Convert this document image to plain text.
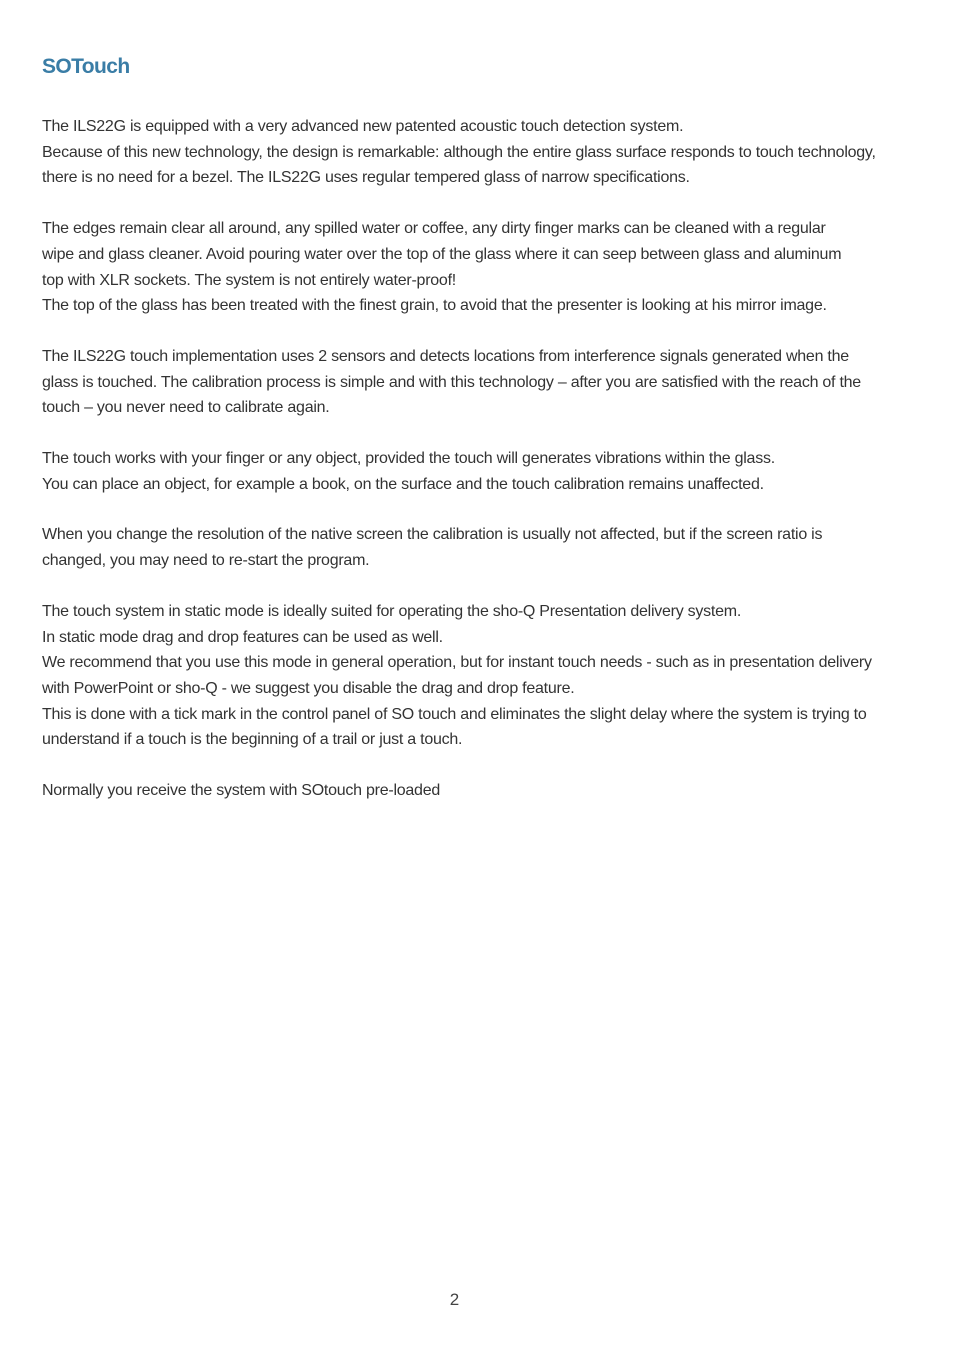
SOTouch
The ILS22G is equipped with a very advanced new patented acoustic touch detection system.
Because of this new technology, the design is remarkable: although the entire glass surface responds to touch technology,
there is no need for a bezel. The ILS22G uses regular tempered glass of narrow specifications.
The edges remain clear all around, any spilled water or coffee, any dirty finger marks can be cleaned with a regular
wipe and glass cleaner. Avoid pouring water over the top of the glass where it can seep between glass and aluminum
top with XLR sockets. The system is not entirely water-proof!
The top of the glass has been treated with the finest grain, to avoid that the presenter is looking at his mirror image.
The ILS22G touch implementation uses 2 sensors and detects locations from interference signals generated when the
glass is touched. The calibration process is simple and with this technology – after you are satisfied with the reach of the
touch – you never need to calibrate again.
The touch works with your finger or any object, provided the touch will generates vibrations within the glass.
You can place an object, for example a book, on the surface and the touch calibration remains unaffected.
When you change the resolution of the native screen the calibration is usually not affected, but if the screen ratio is
changed, you may need to re-start the program.
The touch system in static mode is ideally suited for operating the sho-Q Presentation delivery system.
In static mode drag and drop features can be used as well.
We recommend that you use this mode in general operation, but for instant touch needs - such as in presentation delivery
with PowerPoint or sho-Q - we suggest you disable the drag and drop feature.
This is done with a tick mark in the control panel of SO touch and eliminates the slight delay where the system is trying to
understand if a touch is the beginning of a trail or just a touch.
Normally you receive the system with SOtouch pre-loaded
2
